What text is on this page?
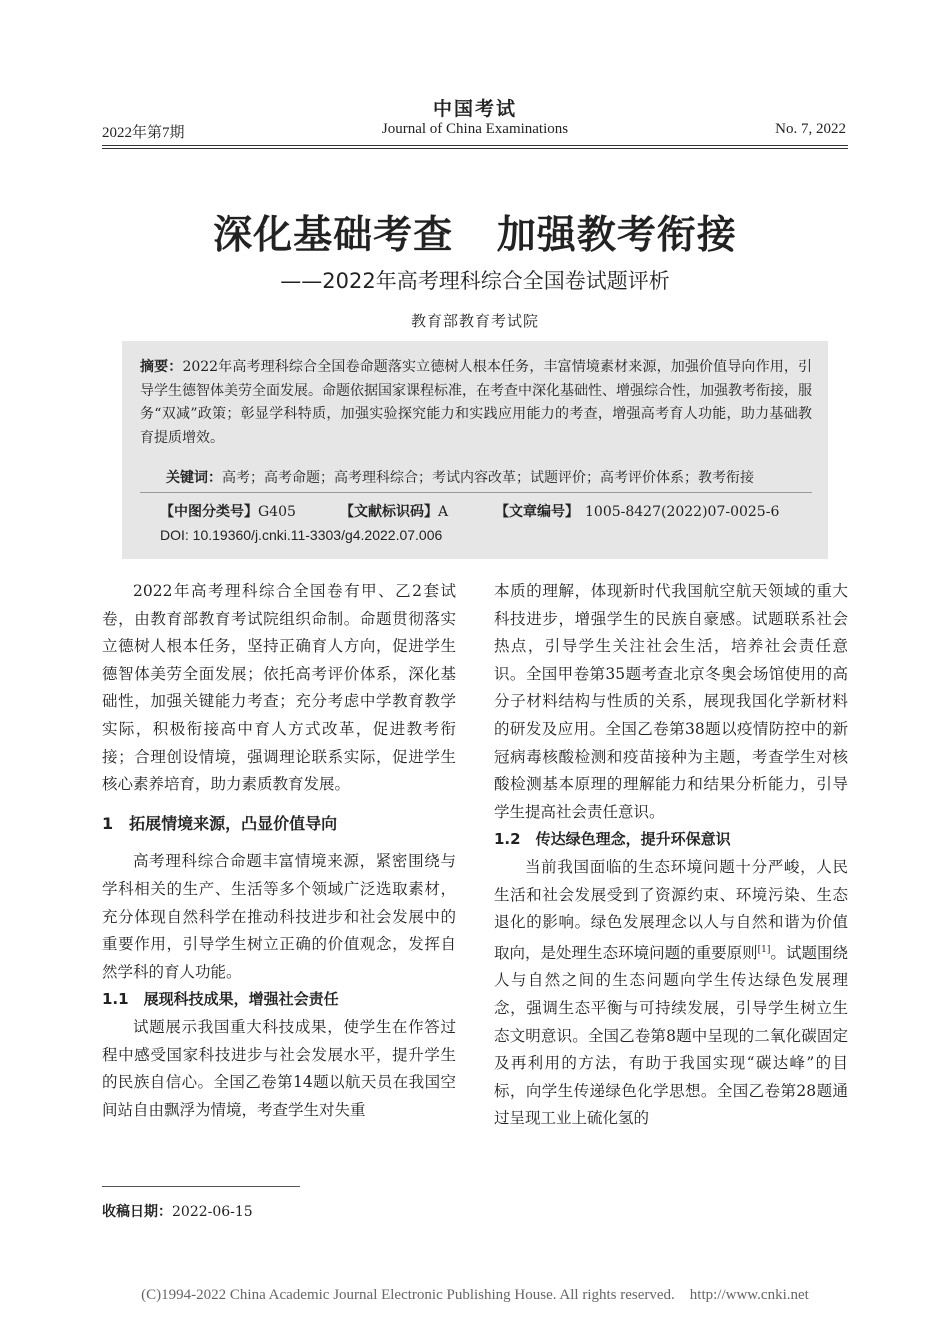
中国考试
2022年第7期	Journal of China Examinations	No. 7, 2022
深化基础考查   加强教考衔接
——2022年高考理科综合全国卷试题评析
教育部教育考试院
摘要：2022年高考理科综合全国卷命题落实立德树人根本任务，丰富情境素材来源，加强价值导向作用，引导学生德智体美劳全面发展。命题依据国家课程标准，在考查中深化基础性、增强综合性，加强教考衔接，服务“双减”政策；彰显学科特质，加强实验探究能力和实践应用能力的考查，增强高考育人功能，助力基础教育提质增效。
关键词：高考；高考命题；高考理科综合；考试内容改革；试题评价；高考评价体系；教考衔接
【中图分类号】G405	【文献标识码】A	【文章编号】 1005-8427(2022)07-0025-6
DOI: 10.19360/j.cnki.11-3303/g4.2022.07.006

2022年高考理科综合全国卷有甲、乙2套试卷，由教育部教育考试院组织命制。命题贯彻落实立德树人根本任务，坚持正确育人方向，促进学生德智体美劳全面发展；依托高考评价体系，深化基础性，加强关键能力考查；充分考虑中学教育教学实际，积极衔接高中育人方式改革，促进教考衔接；合理创设情境，强调理论联系实际，促进学生核心素养培育，助力素质教育发展。

1　拓展情境来源，凸显价值导向

高考理科综合命题丰富情境来源，紧密围绕与学科相关的生产、生活等多个领域广泛选取素材，充分体现自然科学在推动科技进步和社会发展中的重要作用，引导学生树立正确的价值观念，发挥自然学科的育人功能。

1.1　展现科技成果，增强社会责任

试题展示我国重大科技成果，使学生在作答过程中感受国家科技进步与社会发展水平，提升学生的民族自信心。全国乙卷第14题以航天员在我国空间站自由飘浮为情境，考查学生对失重

本质的理解，体现新时代我国航空航天领域的重大科技进步，增强学生的民族自豪感。试题联系社会热点，引导学生关注社会生活，培养社会责任意识。全国甲卷第35题考查北京冬奥会场馆使用的高分子材料结构与性质的关系，展现我国化学新材料的研发及应用。全国乙卷第38题以疫情防控中的新冠病毒核酸检测和疫苗接种为主题，考查学生对核酸检测基本原理的理解能力和结果分析能力，引导学生提高社会责任意识。

1.2　传达绿色理念，提升环保意识

当前我国面临的生态环境问题十分严峻，人民生活和社会发展受到了资源约束、环境污染、生态退化的影响。绿色发展理念以人与自然和谐为价值取向，是处理生态环境问题的重要原则[1]。试题围绕人与自然之间的生态问题向学生传达绿色发展理念，强调生态平衡与可持续发展，引导学生树立生态文明意识。全国乙卷第8题中呈现的二氧化碳固定及再利用的方法，有助于我国实现“碳达峰”的目标，向学生传递绿色化学思想。全国乙卷第28题通过呈现工业上硫化氢的

收稿日期：2022-06-15
(C)1994-2022 China Academic Journal Electronic Publishing House. All rights reserved.    http://www.cnki.net
